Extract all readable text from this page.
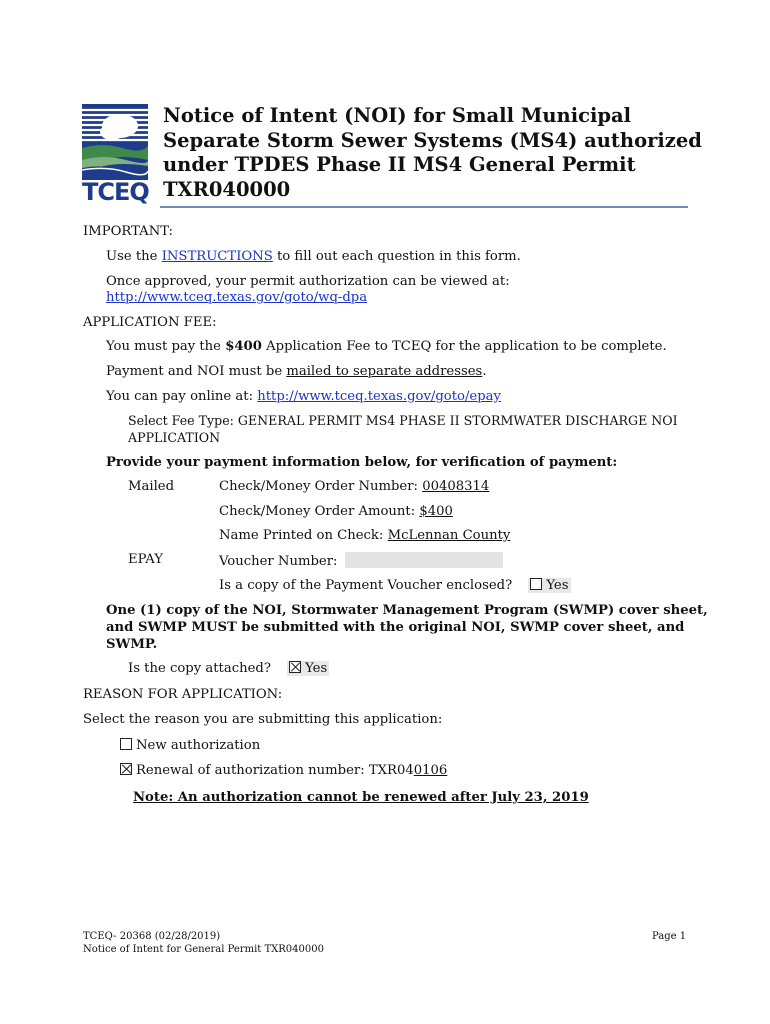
TCEQ
Notice of Intent (NOI) for Small Municipal
Separate Storm Sewer Systems (MS4) authorized
under TPDES Phase II MS4 General Permit
TXR040000
IMPORTANT:
Use the INSTRUCTIONS to fill out each question in this form.
Once approved, your permit authorization can be viewed at:
http://www.tceq.texas.gov/goto/wq-dpa
APPLICATION FEE:
You must pay the $400 Application Fee to TCEQ for the application to be complete.
Payment and NOI must be mailed to separate addresses.
You can pay online at: http://www.tceq.texas.gov/goto/epay
Select Fee Type: GENERAL PERMIT MS4 PHASE II STORMWATER DISCHARGE NOI
APPLICATION
Provide your payment information below, for verification of payment:
Mailed	Check/Money Order Number: 00408314
Check/Money Order Amount: $400
Name Printed on Check: McLennan County
EPAY	Voucher Number:
Is a copy of the Payment Voucher enclosed?	Yes
One (1) copy of the NOI, Stormwater Management Program (SWMP) cover sheet,
and SWMP MUST be submitted with the original NOI, SWMP cover sheet, and
SWMP.
Is the copy attached?	Yes
REASON FOR APPLICATION:
Select the reason you are submitting this application:
New authorization
Renewal of authorization number: TXR040106
Note: An authorization cannot be renewed after July 23, 2019
TCEQ- 20368 (02/28/2019)
Notice of Intent for General Permit TXR040000
Page 1
